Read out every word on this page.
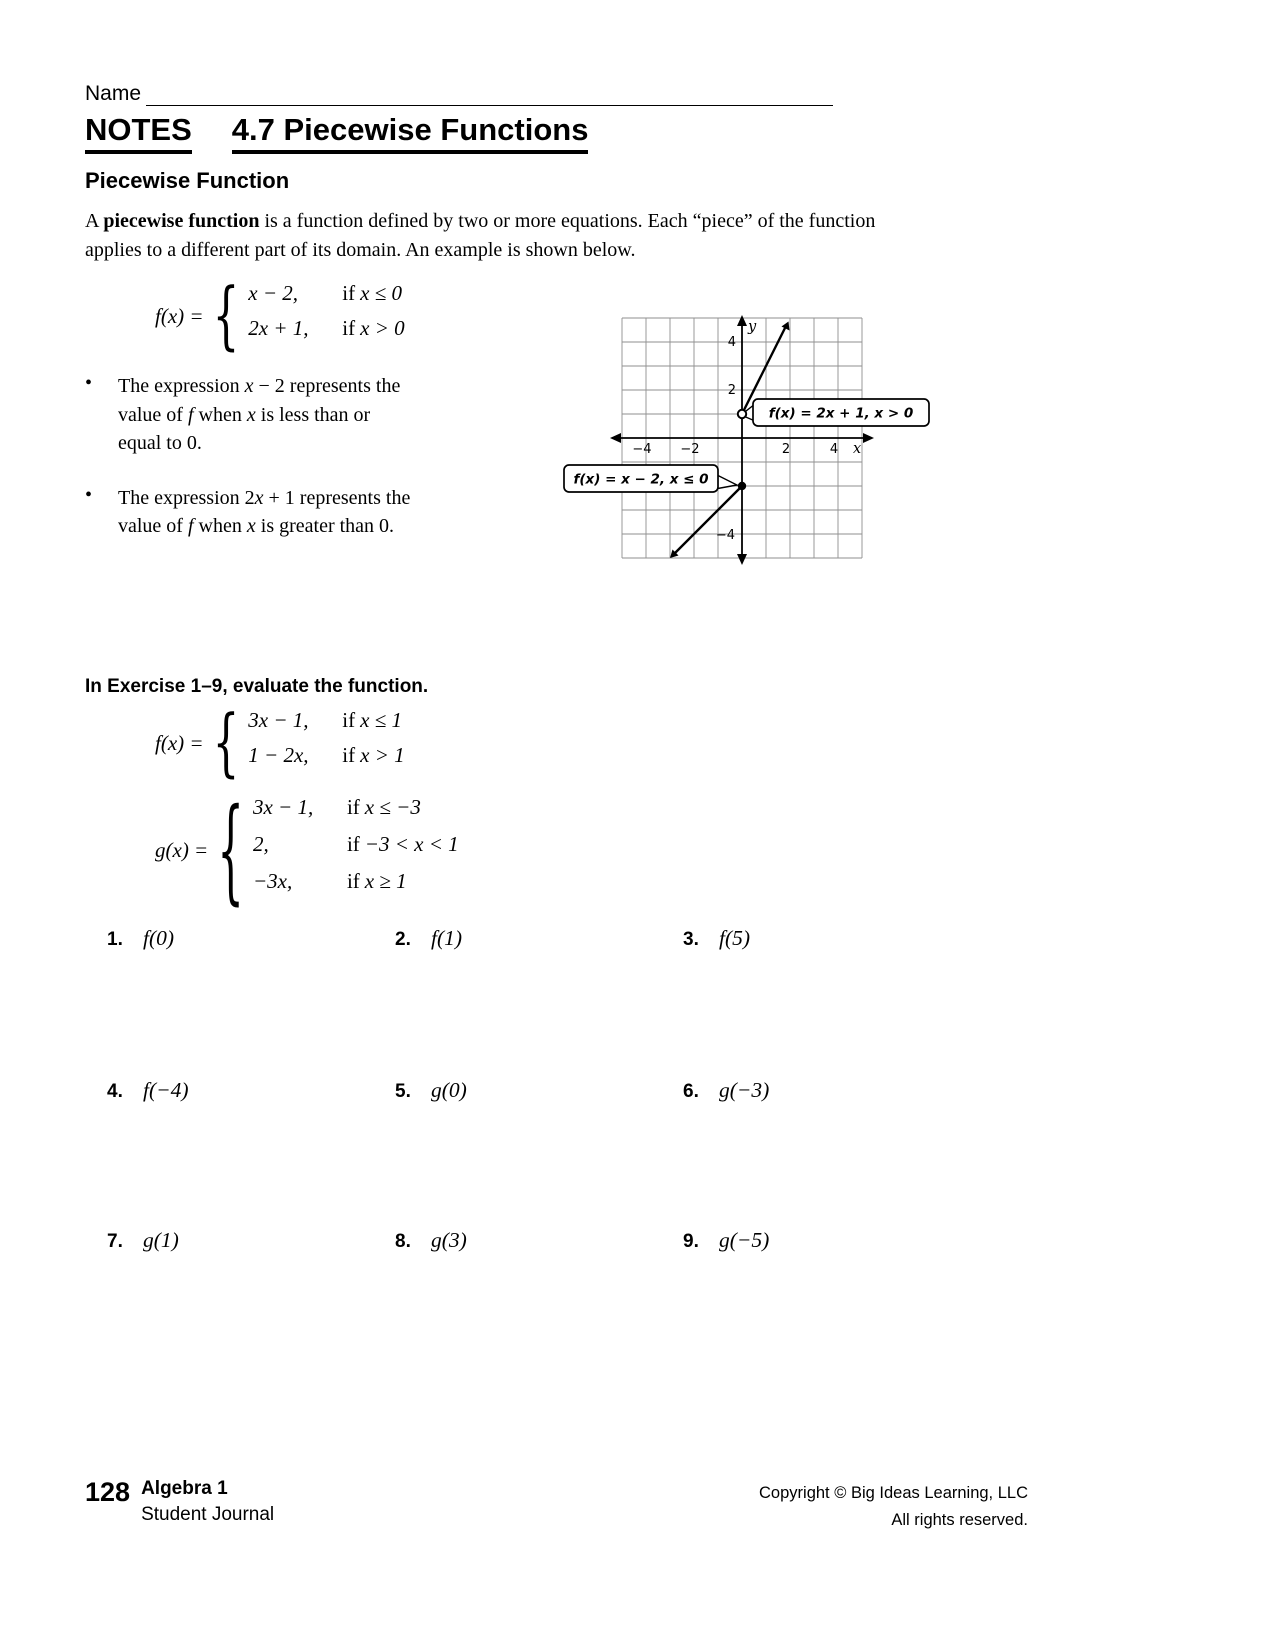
Name
NOTES 4.7 Piecewise Functions
Piecewise Function

A piecewise function is a function defined by two or more equations. Each “piece” of the function applies to a different part of its domain. An example is shown below.

f(x) = { x − 2,	if x ≤ 0
2x + 1,	if x > 0
•	The expression x − 2 represents the value of f when x is less than or equal to 0.
•	The expression 2x + 1 represents the value of f when x is greater than 0.
4
2
−4
−4 −2	2	4
y
x
f(x) = 2x + 1, x > 0
f(x) = x − 2, x ≤ 0
In Exercise 1–9, evaluate the function.
f(x) = { 3x − 1,	if x ≤ 1
1 − 2x,	if x > 1
g(x) = { 3x − 1,	if x ≤ −3
2,	if −3 < x < 1
−3x,	if x ≥ 1
1. f(0)	2. f(1)	3. f(5)
4. f(−4)	5. g(0)	6. g(−3)
7. g(1)	8. g(3)	9. g(−5)
128 Algebra 1
Student Journal
Copyright © Big Ideas Learning, LLC
All rights reserved.
